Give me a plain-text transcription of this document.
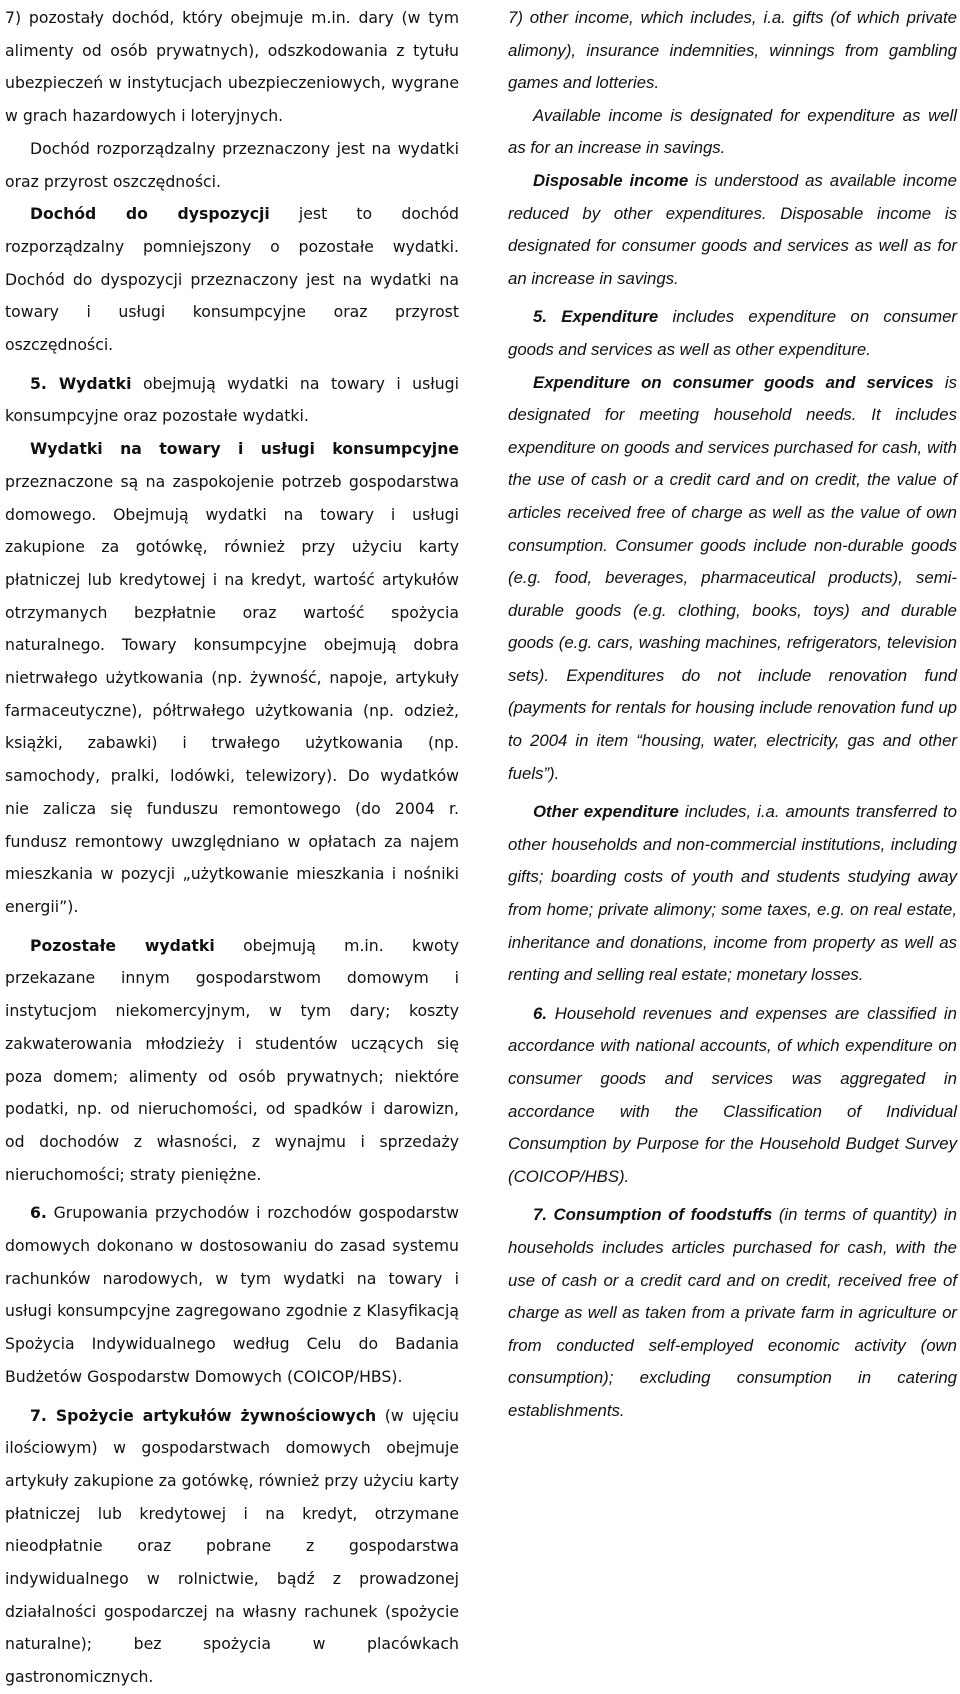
7) pozostały dochód, który obejmuje m.in. dary (w tym alimenty od osób prywatnych), odszkodowania z tytułu ubezpieczeń w instytucjach ubezpieczeniowych, wygrane w grach hazardowych i loteryjnych.

Dochód rozporządzalny przeznaczony jest na wydatki oraz przyrost oszczędności.

Dochód do dyspozycji jest to dochód rozporządzalny pomniejszony o pozostałe wydatki. Dochód do dyspozycji przeznaczony jest na wydatki na towary i usługi konsumpcyjne oraz przyrost oszczędności.

5. Wydatki obejmują wydatki na towary i usługi konsumpcyjne oraz pozostałe wydatki.

Wydatki na towary i usługi konsumpcyjne przeznaczone są na zaspokojenie potrzeb gospodarstwa domowego. Obejmują wydatki na towary i usługi zakupione za gotówkę, również przy użyciu karty płatniczej lub kredytowej i na kredyt, wartość artykułów otrzymanych bezpłatnie oraz wartość spożycia naturalnego. Towary konsumpcyjne obejmują dobra nietrwałego użytkowania (np. żywność, napoje, artykuły farmaceutyczne), półtrwałego użytkowania (np. odzież, książki, zabawki) i trwałego użytkowania (np. samochody, pralki, lodówki, telewizory). Do wydatków nie zalicza się funduszu remontowego (do 2004 r. fundusz remontowy uwzględniano w opłatach za najem mieszkania w pozycji „użytkowanie mieszkania i nośniki energii”).

Pozostałe wydatki obejmują m.in. kwoty przekazane innym gospodarstwom domowym i instytucjom niekomercyjnym, w tym dary; koszty zakwaterowania młodzieży i studentów uczących się poza domem; alimenty od osób prywatnych; niektóre podatki, np. od nieruchomości, od spadków i darowizn, od dochodów z własności, z wynajmu i sprzedaży nieruchomości; straty pieniężne.

6. Grupowania przychodów i rozchodów gospodarstw domowych dokonano w dostosowaniu do zasad systemu rachunków narodowych, w tym wydatki na towary i usługi konsumpcyjne zagregowano zgodnie z Klasyfikacją Spożycia Indywidualnego według Celu do Badania Budżetów Gospodarstw Domowych (COICOP/HBS).

7. Spożycie artykułów żywnościowych (w ujęciu ilościowym) w gospodarstwach domowych obejmuje artykuły zakupione za gotówkę, również przy użyciu karty płatniczej lub kredytowej i na kredyt, otrzymane nieodpłatnie oraz pobrane z gospodarstwa indywidualnego w rolnictwie, bądź z prowadzonej działalności gospodarczej na własny rachunek (spożycie naturalne); bez spożycia w placówkach gastronomicznych.

7) other income, which includes, i.a. gifts (of which private alimony), insurance indemnities, winnings from gambling games and lotteries.

Available income is designated for expenditure as well as for an increase in savings.

Disposable income is understood as available income reduced by other expenditures. Disposable income is designated for consumer goods and services as well as for an increase in savings.

5. Expenditure includes expenditure on consumer goods and services as well as other expenditure.

Expenditure on consumer goods and services is designated for meeting household needs. It includes expenditure on goods and services purchased for cash, with the use of cash or a credit card and on credit, the value of articles received free of charge as well as the value of own consumption. Consumer goods include non-durable goods (e.g. food, beverages, pharmaceutical products), semi-durable goods (e.g. clothing, books, toys) and durable goods (e.g. cars, washing machines, refrigerators, television sets). Expenditures do not include renovation fund (payments for rentals for housing include renovation fund up to 2004 in item “housing, water, electricity, gas and other fuels”).

Other expenditure includes, i.a. amounts transferred to other households and non-commercial institutions, including gifts; boarding costs of youth and students studying away from home; private alimony; some taxes, e.g. on real estate, inheritance and donations, income from property as well as renting and selling real estate; monetary losses.

6. Household revenues and expenses are classified in accordance with national accounts, of which expenditure on consumer goods and services was aggregated in accordance with the Classification of Individual Consumption by Purpose for the Household Budget Survey (COICOP/HBS).

7. Consumption of foodstuffs (in terms of quantity) in households includes articles purchased for cash, with the use of cash or a credit card and on credit, received free of charge as well as taken from a private farm in agriculture or from conducted self-employed economic activity (own consumption); excluding consumption in catering establishments.
